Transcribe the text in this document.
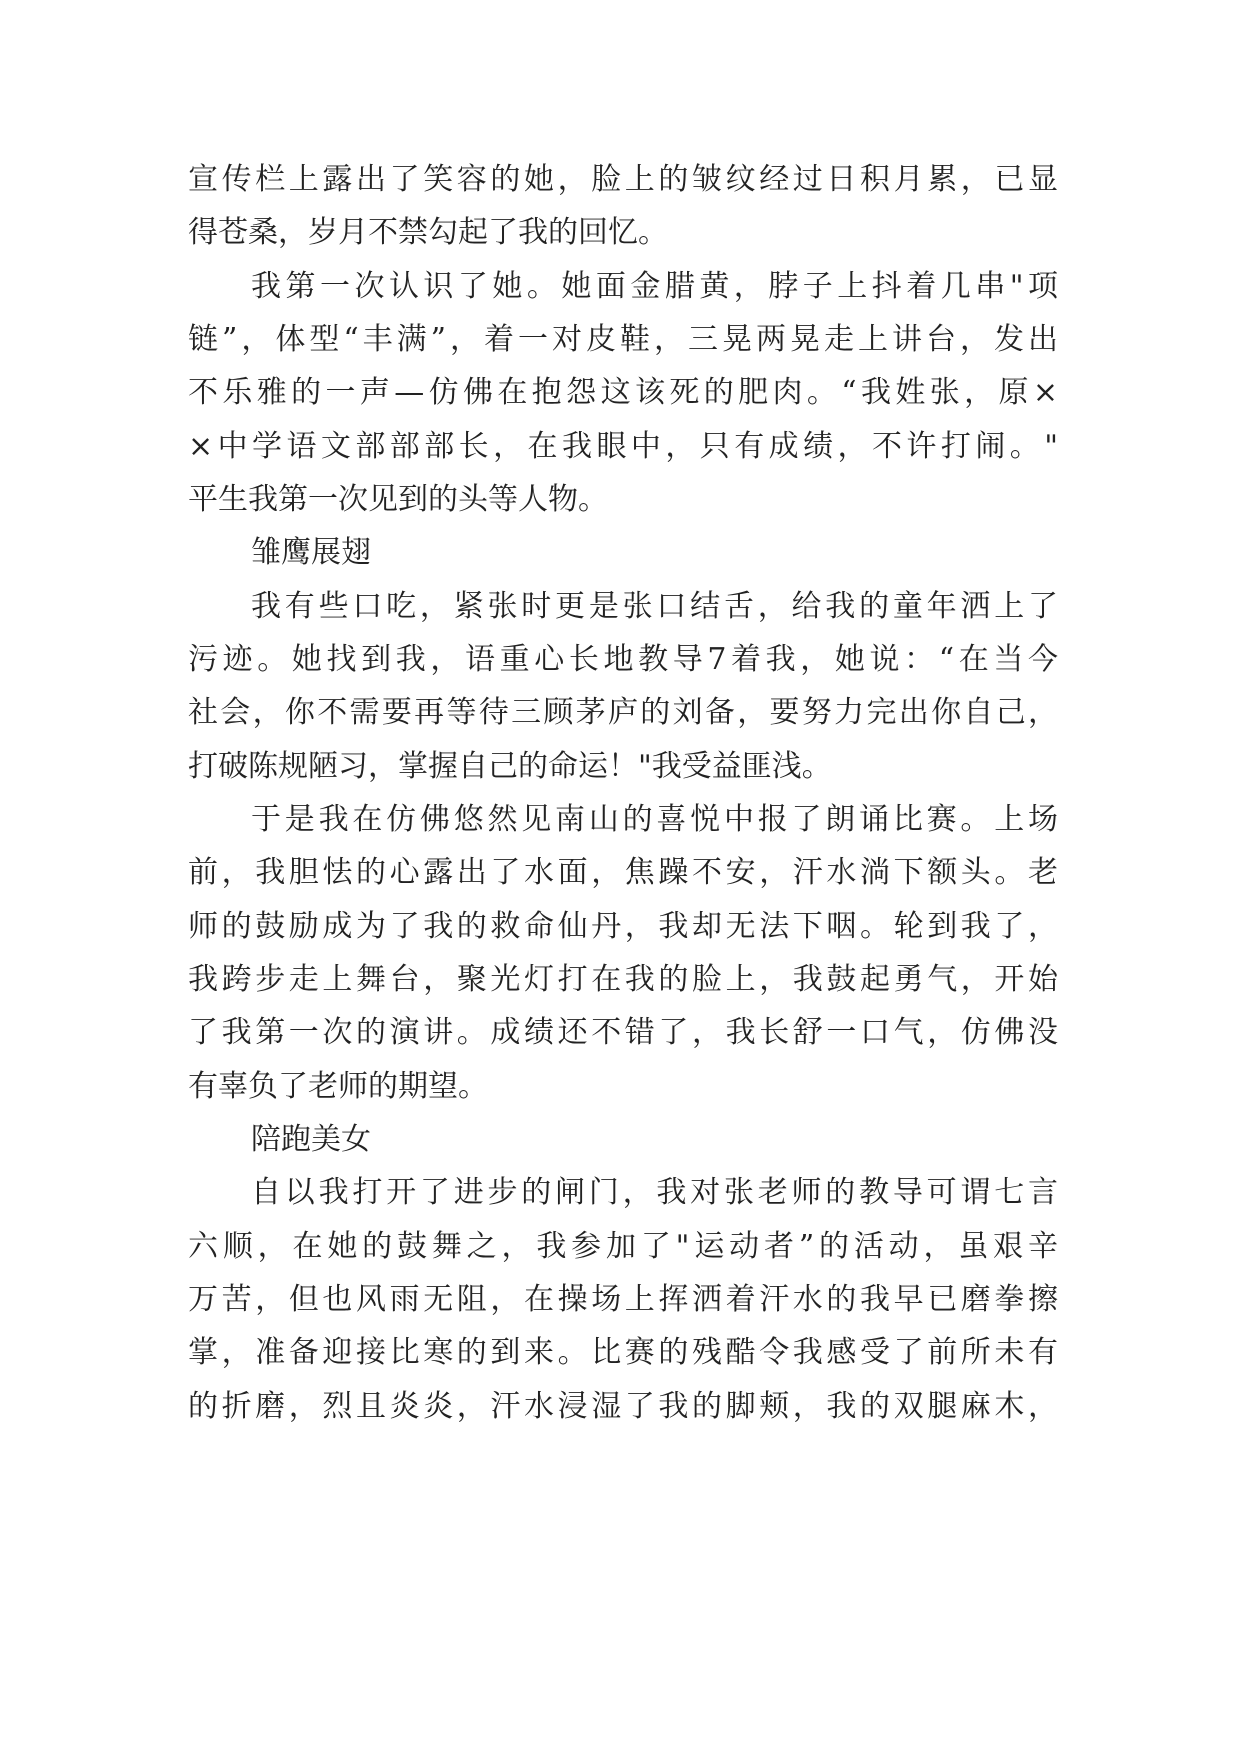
宣传栏上露出了笑容的她，脸上的皱纹经过日积月累，已显
得苍桑，岁月不禁勾起了我的回忆。
我第一次认识了她。她面金腊黄，脖子上抖着几串"项
链”，体型“丰满”，着一对皮鞋，三晃两晃走上讲台，发出
不乐雅的一声—仿佛在抱怨这该死的肥肉。“我姓张，原×
×中学语文部部部长，在我眼中，只有成绩，不许打闹。"
平生我第一次见到的头等人物。
雏鹰展翅
我有些口吃，紧张时更是张口结舌，给我的童年洒上了
污迹。她找到我，语重心长地教导7着我，她说：“在当今
社会，你不需要再等待三顾茅庐的刘备，要努力完出你自己，
打破陈规陋习，掌握自己的命运！"我受益匪浅。
于是我在仿佛悠然见南山的喜悦中报了朗诵比赛。上场
前，我胆怯的心露出了水面，焦躁不安，汗水淌下额头。老
师的鼓励成为了我的救命仙丹，我却无法下咽。轮到我了，
我跨步走上舞台，聚光灯打在我的脸上，我鼓起勇气，开始
了我第一次的演讲。成绩还不错了，我长舒一口气，仿佛没
有辜负了老师的期望。
陪跑美女
自以我打开了进步的闸门，我对张老师的教导可谓七言
六顺，在她的鼓舞之，我参加了"运动者”的活动，虽艰辛
万苦，但也风雨无阻，在操场上挥洒着汗水的我早已磨拳擦
掌，准备迎接比寒的到来。比赛的残酷令我感受了前所未有
的折磨，烈且炎炎，汗水浸湿了我的脚颊，我的双腿麻木，
